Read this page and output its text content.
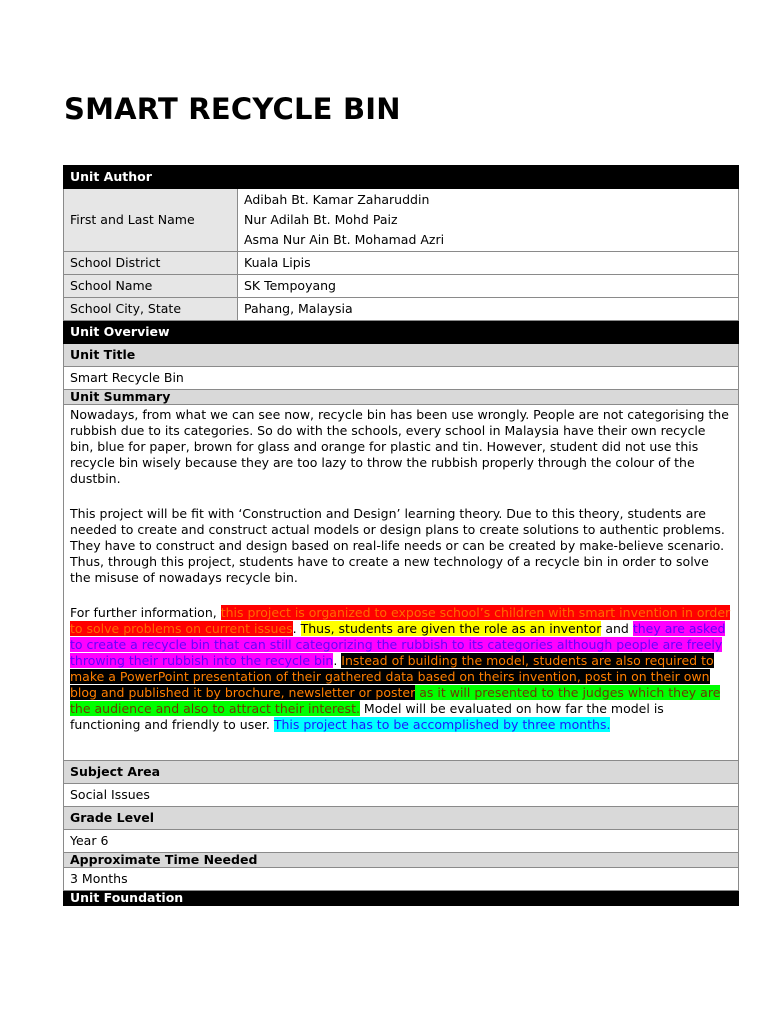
SMART RECYCLE BIN
Unit Author	
First and Last Name	Adibah Bt. Kamar Zaharuddin
Nur Adilah Bt. Mohd Paiz
Asma Nur Ain Bt. Mohamad Azri

School District	Kuala Lipis
School Name	SK Tempoyang
School City, State	Pahang, Malaysia
Unit Overview	
Unit Title	
Smart Recycle Bin	
Unit Summary	

Nowadays, from what we can see now, recycle bin has been use wrongly. People are not categorising the rubbish due to its categories. So do with the schools, every school in Malaysia have their own recycle bin, blue for paper, brown for glass and orange for plastic and tin. However, student did not use this recycle bin wisely because they are too lazy to throw the rubbish properly through the colour of the dustbin.

This project will be fit with ‘Construction and Design’ learning theory. Due to this theory, students are needed to create and construct actual models or design plans to create solutions to authentic problems. They have to construct and design based on real-life needs or can be created by make-believe scenario. Thus, through this project, students have to create a new technology of a recycle bin in order to solve the misuse of nowadays recycle bin.

For further information, this project is organized to expose school’s children with smart invention in order to solve problems on current issues. Thus, students are given the role as an inventor and they are asked to create a recycle bin that can still categorizing the rubbish to its categories although people are freely throwing their rubbish into the recycle bin. Instead of building the model, students are also required to make a PowerPoint presentation of their gathered data based on theirs invention, post in on their own blog and published it by brochure, newsletter or poster as it will presented to the judges which they are the audience and also to attract their interest. Model will be evaluated on how far the model is functioning and friendly to user. This project has to be accomplished by three months.	

Subject Area	
Social Issues	
Grade Level	
Year 6	
Approximate Time Needed	
3 Months	
Unit Foundation	
